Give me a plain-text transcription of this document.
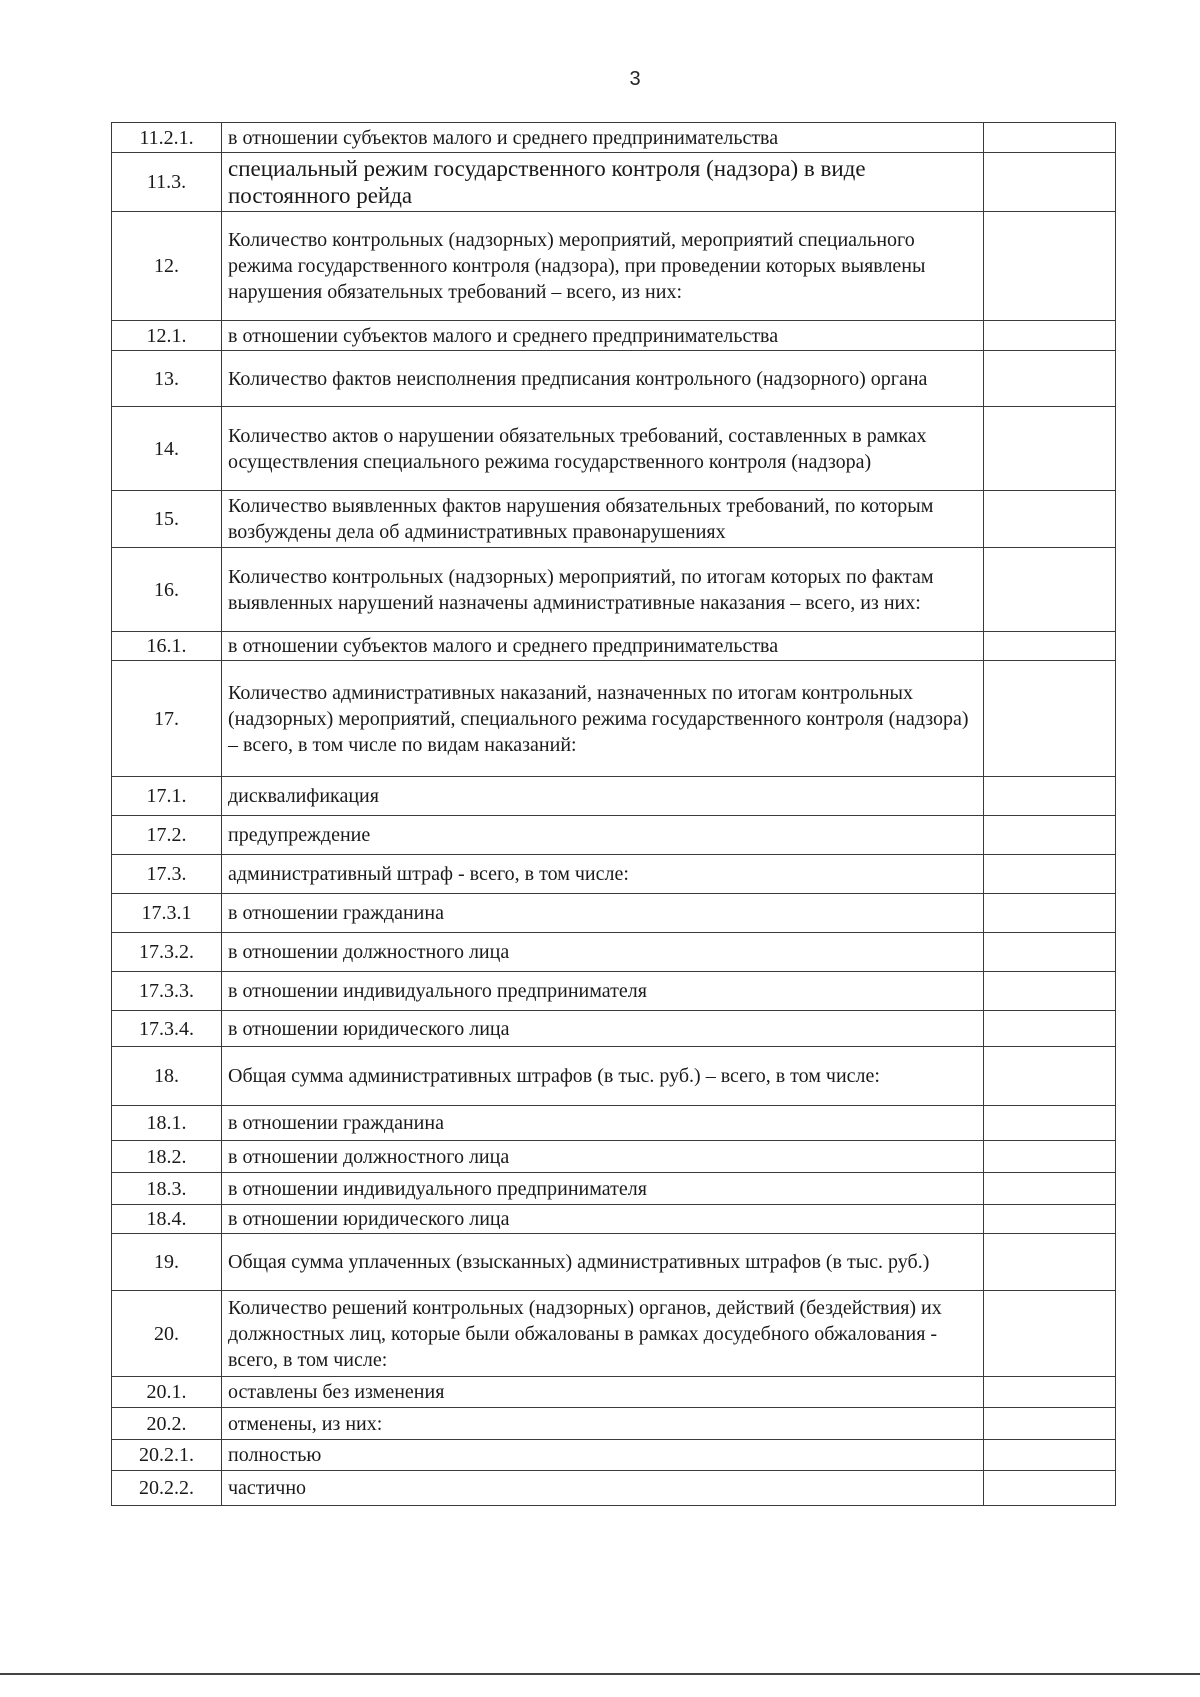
3
11.2.1.	в отношении субъектов малого и среднего предпринимательства	
11.3.	специальный режим государственного контроля (надзора) в виде постоянного рейда	
12.	Количество контрольных (надзорных) мероприятий, мероприятий специального режима государственного контроля (надзора), при проведении которых выявлены нарушения обязательных требований – всего, из них:	
12.1.	в отношении субъектов малого и среднего предпринимательства	
13.	Количество фактов неисполнения предписания контрольного (надзорного) органа	
14.	Количество актов о нарушении обязательных требований, составленных в рамках осуществления специального режима государственного контроля (надзора)	
15.	Количество выявленных фактов нарушения обязательных требований, по которым возбуждены дела об административных правонарушениях	
16.	Количество контрольных (надзорных) мероприятий, по итогам которых по фактам выявленных нарушений назначены административные наказания – всего, из них:	
16.1.	в отношении субъектов малого и среднего предпринимательства	
17.	Количество административных наказаний, назначенных по итогам контрольных (надзорных) мероприятий, специального режима государственного контроля (надзора) – всего, в том числе по видам наказаний:	
17.1.	дисквалификация	
17.2.	предупреждение	
17.3.	административный штраф - всего, в том числе:	
17.3.1	в отношении гражданина	
17.3.2.	в отношении должностного лица	
17.3.3.	в отношении индивидуального предпринимателя	
17.3.4.	в отношении юридического лица	
18.	Общая сумма административных штрафов (в тыс. руб.) – всего, в том числе:	
18.1.	в отношении гражданина	
18.2.	в отношении должностного лица	
18.3.	в отношении индивидуального предпринимателя	
18.4.	в отношении юридического лица	
19.	Общая сумма уплаченных (взысканных) административных штрафов (в тыс. руб.)	
20.	Количество решений контрольных (надзорных) органов, действий (бездействия) их должностных лиц, которые были обжалованы в рамках досудебного обжалования - всего, в том числе:	
20.1.	оставлены без изменения	
20.2.	отменены, из них:	
20.2.1.	полностью	
20.2.2.	частично	
